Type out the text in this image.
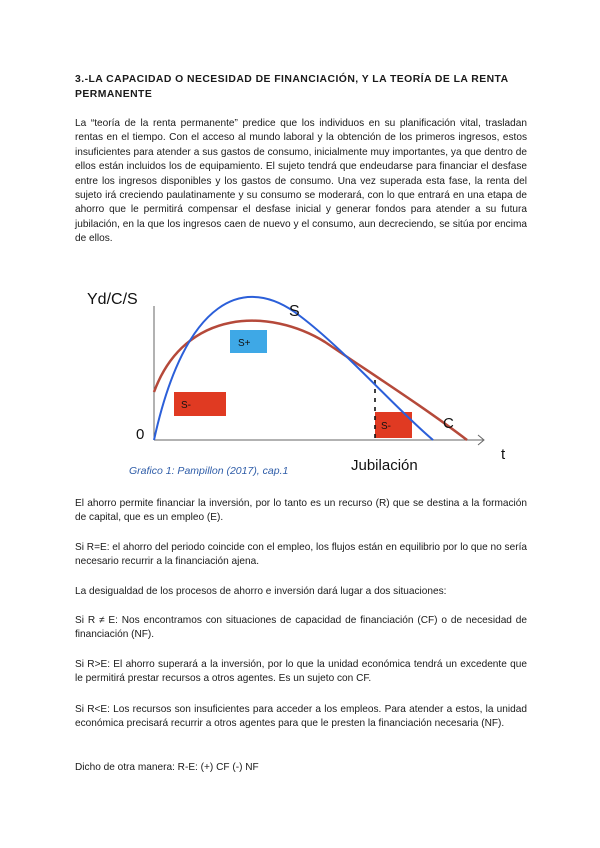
3.-LA CAPACIDAD O NECESIDAD DE FINANCIACIÓN, Y LA TEORÍA DE LA RENTA PERMANENTE

La “teoría de la renta permanente” predice que los individuos en su planificación vital, trasladan rentas en el tiempo. Con el acceso al mundo laboral y la obtención de los primeros ingresos, estos insuficientes para atender a sus gastos de consumo, inicialmente muy importantes, ya que dentro de ellos están incluidos los de equipamiento. El sujeto tendrá que endeudarse para financiar el desfase entre los ingresos disponibles y los gastos de consumo. Una vez superada esta fase, la renta del sujeto irá creciendo paulatinamente y su consumo se moderará, con lo que entrará en una etapa de ahorro que le permitirá compensar el desfase inicial y generar fondos para atender a su futura jubilación, en la que los ingresos caen de nuevo y el consumo, aun decreciendo, se sitúa por encima de ellos.

Yd/C/S
0
S
C
t
S+
S-
S-
Jubilación
Grafico 1: Pampillon (2017), cap.1

El ahorro permite financiar la inversión, por lo tanto es un recurso (R) que se destina a la formación de capital, que es un empleo (E).

Si R=E: el ahorro del periodo coincide con el empleo, los flujos están en equilibrio por lo que no sería necesario recurrir a la financiación ajena.

La desigualdad de los procesos de ahorro e inversión dará lugar a dos situaciones:

Si R ≠ E: Nos encontramos con situaciones de capacidad de financiación (CF) o de necesidad de financiación (NF).

Si R>E: El ahorro superará a la inversión, por lo que la unidad económica tendrá un excedente que le permitirá prestar recursos a otros agentes. Es un sujeto con CF.

Si R<E: Los recursos son insuficientes para acceder a los empleos. Para atender a estos, la unidad económica precisará recurrir a otros agentes para que le presten la financiación necesaria (NF).

Dicho de otra manera: R-E: (+) CF (-) NF
